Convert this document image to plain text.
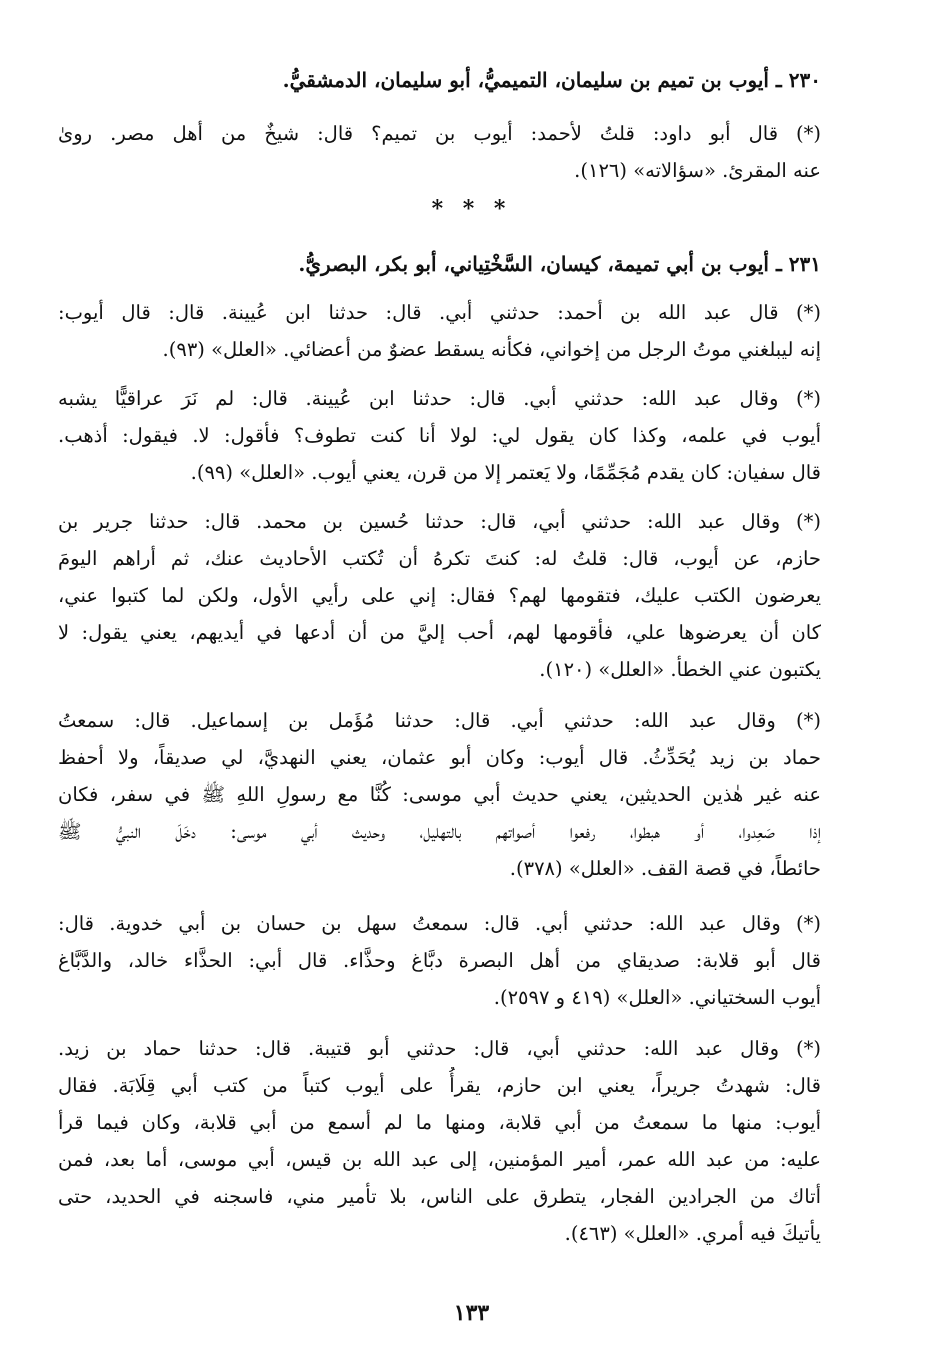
٢٣٠ ـ أيوب بن تميم بن سليمان، التميميُّ، أبو سليمان، الدمشقيُّ.
(*) قال أبو داود: قلتُ لأحمد: أيوب بن تميم؟ قال: شيخٌ من أهل مصر. روىٰ
عنه المقرئ. «سؤالاته» (١٢٦).
* * *
٢٣١ ـ أيوب بن أبي تميمة، كيسان، السَّخْتِياني، أبو بكر، البصريُّ.
(*) قال عبد الله بن أحمد: حدثني أبي. قال: حدثنا ابن عُيينة. قال: قال أيوب:
إنه ليبلغني موتُ الرجل من إخواني، فكأنه يسقط عضوٌ من أعضائي. «العلل» (٩٣).
(*) وقال عبد الله: حدثني أبي. قال: حدثنا ابن عُيينة. قال: لم نَرَ عراقيًّا يشبه
أيوب في علمه، وكذا كان يقول لي: لولا أنا كنت تطوف؟ فأقول: لا. فيقول: أذهب.
قال سفيان: كان يقدم مُجَمِّمًا، ولا يَعتمر إلا من قرن، يعني أيوب. «العلل» (٩٩).
(*) وقال عبد الله: حدثني أبي، قال: حدثنا حُسين بن محمد. قال: حدثنا جرير بن
حازم، عن أيوب، قال: قلتُ له: كنتَ تكرهُ أن تُكتب الأحاديث عنك، ثم أراهم اليومَ
يعرضون الكتب عليك، فتقومها لهم؟ فقال: إني على رأيي الأول، ولكن لما كتبوا عني،
كان أن يعرضوها علي، فأقومها لهم، أحب إليَّ من أن أدعها في أيديهم، يعني يقول: لا
يكتبون عني الخطأ. «العلل» (١٢٠).
(*) وقال عبد الله: حدثني أبي. قال: حدثنا مُؤَمل بن إسماعيل. قال: سمعتُ
حماد بن زيد يُحَدِّثُ. قال أيوب: وكان أبو عثمان، يعني النهديَّ، لي صديقاً، ولا أحفظ
عنه غير هٰذين الحديثين، يعني حديث أبي موسى: كُنَّا مع رسولِ اللهِ ﷺ في سفر، فكان
إذا صَعِدوا، أو هبطوا، رفعوا أصواتهم بالتهليل، وحديث أبي موسى: دخَلَ النبيُّ ﷺ
حائطاً، في قصة القف. «العلل» (٣٧٨).
(*) وقال عبد الله: حدثني أبي. قال: سمعتُ سهل بن حسان بن أبي خدوية. قال:
قال أبو قلابة: صديقاي من أهل البصرة دبَّاغ وحذَّاء. قال أبي: الحذَّاء خالد، والدَّبَّاغ
أيوب السختياني. «العلل» (٤١٩ و ٢٥٩٧).
(*) وقال عبد الله: حدثني أبي، قال: حدثني أبو قتيبة. قال: حدثنا حماد بن زيد.
قال: شهدتُ جريراً، يعني ابن حازم، يقرأُ على أيوب كتباً من كتب أبي قِلَابَة. فقال
أيوب: منها ما سمعتُ من أبي قلابة، ومنها ما لم أسمع من أبي قلابة، وكان فيما قرأ
عليه: من عبد الله عمر، أمير المؤمنين، إلى عبد الله بن قيس، أبي موسى، أما بعد، فمن
أتاك من الجرادين الفجار، يتطرق على الناس، بلا تأمير مني، فاسجنه في الحديد، حتى
يأتيكَ فيه أمري. «العلل» (٤٦٣).
١٣٣
